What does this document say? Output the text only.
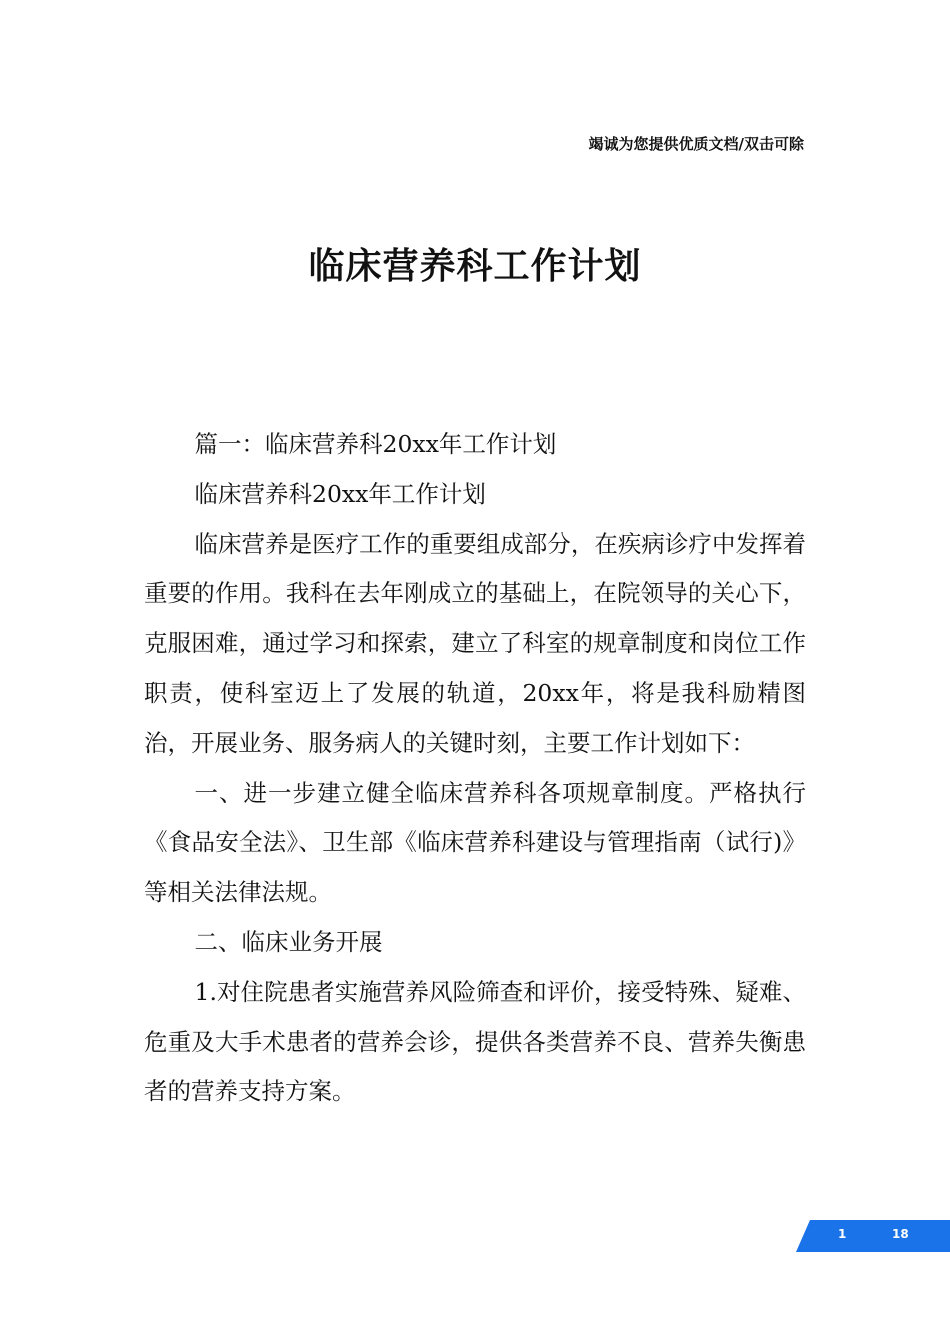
竭诚为您提供优质文档/双击可除
临床营养科工作计划

篇一：临床营养科20xx年工作计划

临床营养科20xx年工作计划

临床营养是医疗工作的重要组成部分，在疾病诊疗中发挥着重要的作用。我科在去年刚成立的基础上，在院领导的关心下，克服困难，通过学习和探索，建立了科室的规章制度和岗位工作职责，使科室迈上了发展的轨道，20xx年，将是我科励精图治，开展业务、服务病人的关键时刻，主要工作计划如下：

一、进一步建立健全临床营养科各项规章制度。严格执行《食品安全法》、卫生部《临床营养科建设与管理指南（试行)》等相关法律法规。

二、临床业务开展

1.对住院患者实施营养风险筛查和评价，接受特殊、疑难、危重及大手术患者的营养会诊，提供各类营养不良、营养失衡患者的营养支持方案。

1	18
